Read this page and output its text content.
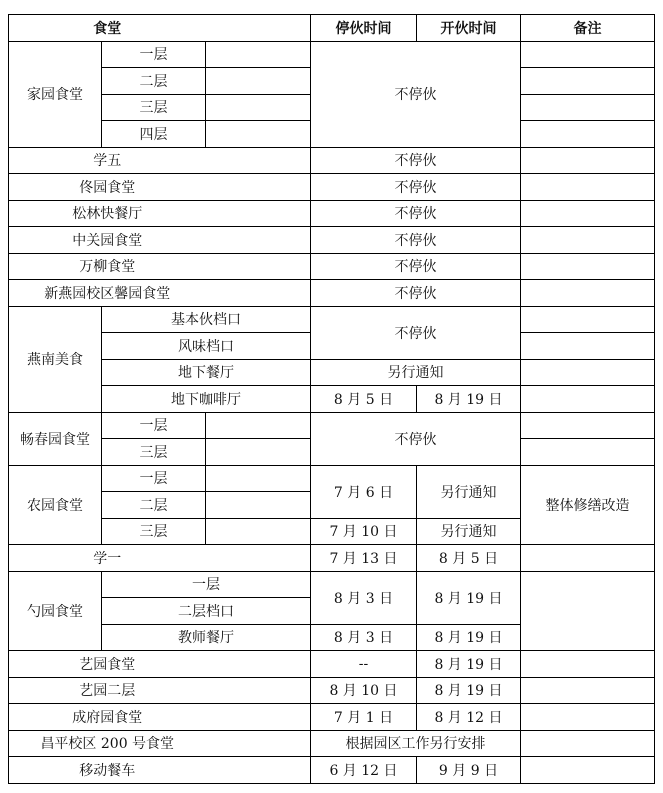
食堂			停伙时间	开伙时间	备注
家园食堂	一层		不停伙		
	二层				
	三层				
	四层				
学五			不停伙		
佟园食堂			不停伙		
松林快餐厅			不停伙		
中关园食堂			不停伙		
万柳食堂			不停伙		
新燕园校区馨园食堂			不停伙		
燕南美食	基本伙档口		不停伙		
	风味档口				
	地下餐厅		另行通知		
	地下咖啡厅		8 月 5 日	8 月 19 日	
畅春园食堂	一层		不停伙		
	三层				
农园食堂	一层		7 月 6 日	另行通知	整体修缮改造
	二层				
	三层		7 月 10 日	另行通知	
学一			7 月 13 日	8 月 5 日	
勺园食堂	一层		8 月 3 日	8 月 19 日	
	二层档口				
	教师餐厅		8 月 3 日	8 月 19 日	
艺园食堂			--	8 月 19 日	
艺园二层			8 月 10 日	8 月 19 日	
成府园食堂			7 月 1 日	8 月 12 日	
昌平校区 200 号食堂			根据园区工作另行安排		
移动餐车			6 月 12 日	9 月 9 日	
